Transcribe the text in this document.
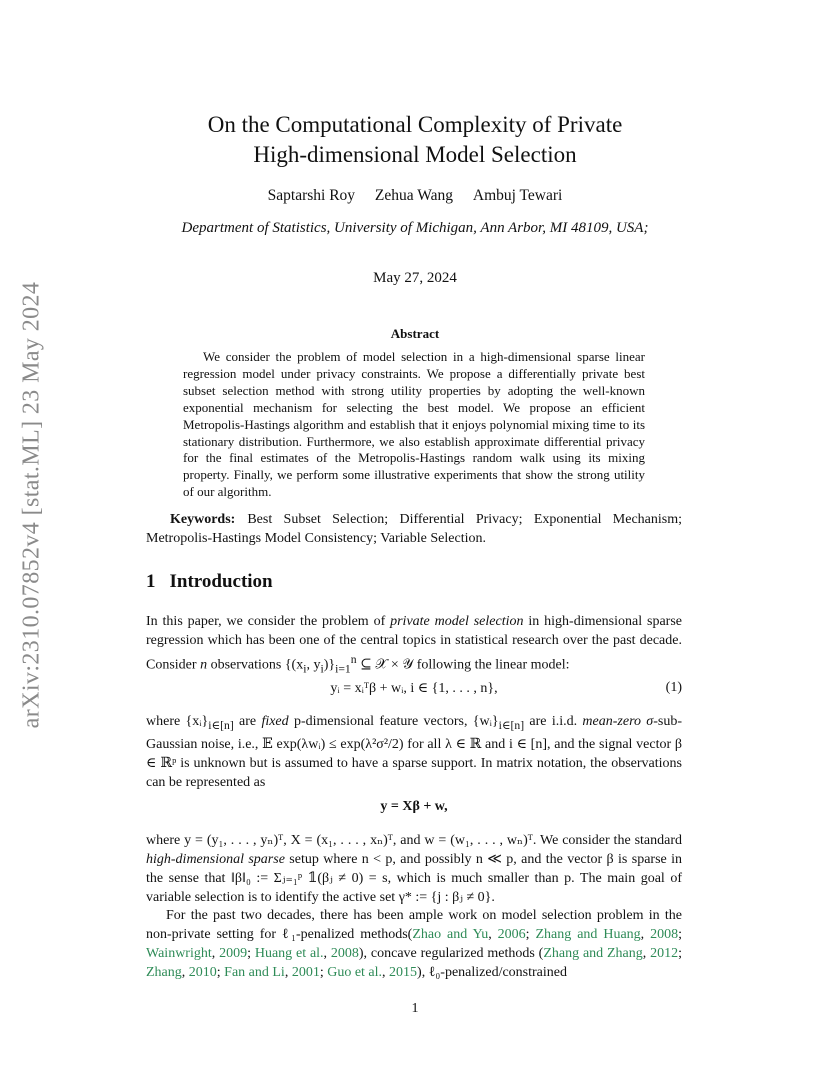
arXiv:2310.07852v4 [stat.ML] 23 May 2024
On the Computational Complexity of Private
High-dimensional Model Selection
Saptarshi Roy Zehua Wang Ambuj Tewari
Department of Statistics, University of Michigan, Ann Arbor, MI 48109, USA;
May 27, 2024
Abstract
We consider the problem of model selection in a high-dimensional sparse linear regression model under privacy constraints. We propose a differentially private best subset selection method with strong utility properties by adopting the well-known exponential mechanism for selecting the best model. We propose an efficient Metropolis-Hastings algorithm and establish that it enjoys polynomial mixing time to its stationary distribution. Furthermore, we also establish approximate differential privacy for the final estimates of the Metropolis-Hastings random walk using its mixing property. Finally, we perform some illustrative experiments that show the strong utility of our algorithm.
Keywords: Best Subset Selection; Differential Privacy; Exponential Mechanism; Metropolis-Hastings Model Consistency; Variable Selection.
1 Introduction
In this paper, we consider the problem of private model selection in high-dimensional sparse regression which has been one of the central topics in statistical research over the past decade. Consider n observations {($x_i$, $y_i)\}_{i=1}^n$ ⊆ 𝒳 × 𝒴 following the linear model:
yᵢ = xᵢᵀβ + wᵢ, i ∈ {1, . . . , n},	(1)
where $\{xᵢ\}_{i\in[n]}$ are fixed p-dimensional feature vectors, $\{wᵢ\}_{i\in[n]}$ are i.i.d. mean-zero σ-sub-Gaussian noise, i.e., 𝔼 exp(λwᵢ) ≤ exp(λ²σ²/2) for all λ ∈ ℝ and i ∈ [n], and the signal vector β ∈ ℝᵖ is unknown but is assumed to have a sparse support. In matrix notation, the observations can be represented as
y = Xβ + w,
where y = (y₁, . . . , yₙ)ᵀ, X = (x₁, . . . , xₙ)ᵀ, and w = (w₁, . . . , wₙ)ᵀ. We consider the standard high-dimensional sparse setup where n < p, and possibly n ≪ p, and the vector β is sparse in the sense that ‖β‖₀ := Σⱼ₌₁ᵖ 𝟙(βⱼ ≠ 0) = s, which is much smaller than p. The main goal of variable selection is to identify the active set γ* := {j : βⱼ ≠ 0}.
For the past two decades, there has been ample work on model selection problem in the non-private setting for ℓ₁-penalized methods(Zhao and Yu, 2006; Zhang and Huang, 2008; Wainwright, 2009; Huang et al., 2008), concave regularized methods (Zhang and Zhang, 2012; Zhang, 2010; Fan and Li, 2001; Guo et al., 2015), ℓ₀-penalized/constrained
1
